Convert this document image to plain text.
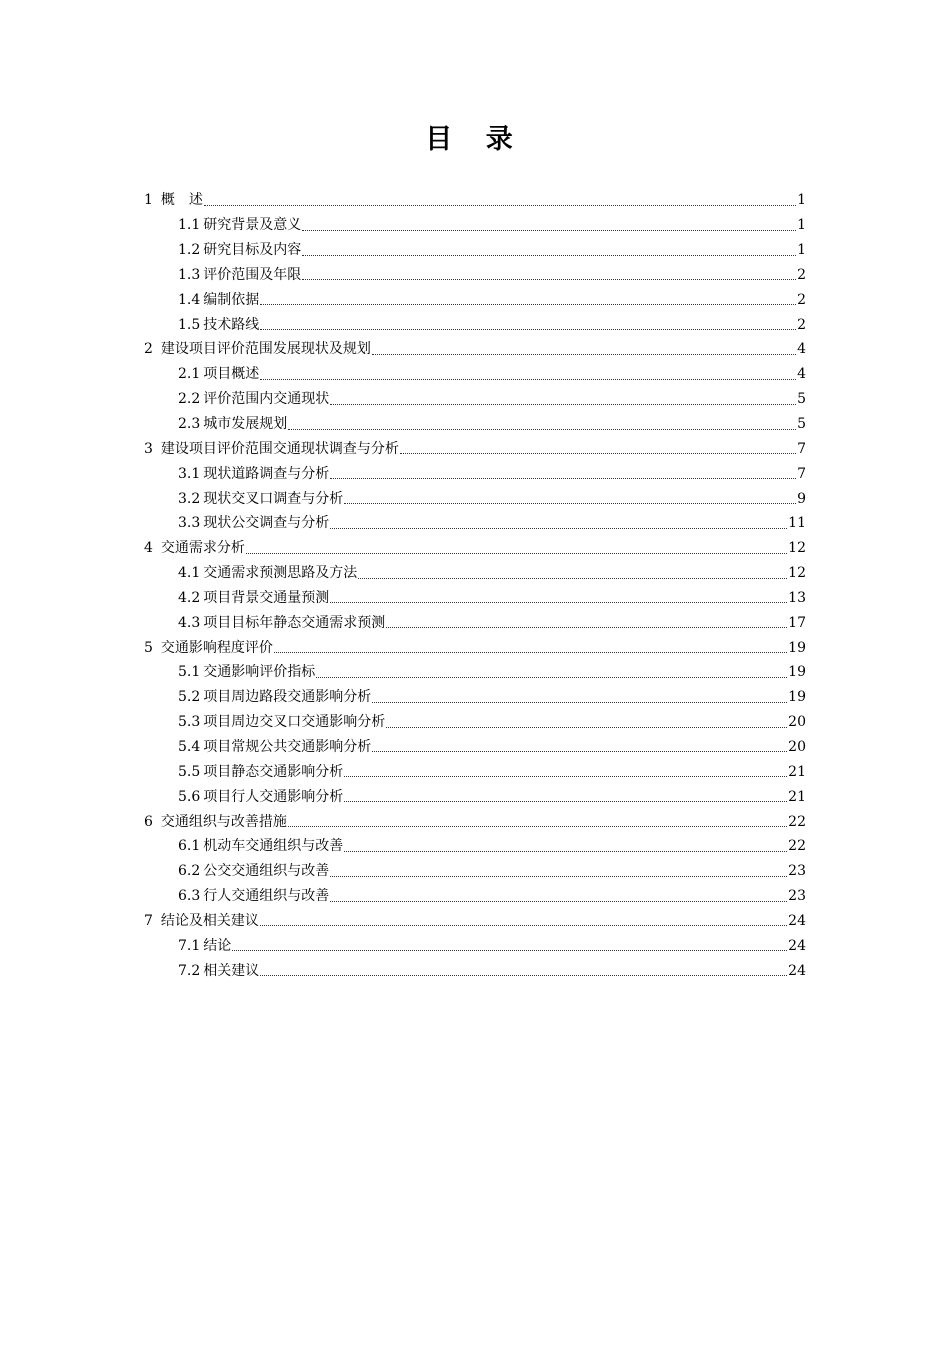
目 录
1 概　述	1
1.1 研究背景及意义	1
1.2 研究目标及内容	1
1.3 评价范围及年限	2
1.4 编制依据	2
1.5 技术路线	2
2 建设项目评价范围发展现状及规划	4
2.1 项目概述	4
2.2 评价范围内交通现状	5
2.3 城市发展规划	5
3 建设项目评价范围交通现状调查与分析	7
3.1 现状道路调查与分析	7
3.2 现状交叉口调查与分析	9
3.3 现状公交调查与分析	11
4 交通需求分析	12
4.1 交通需求预测思路及方法	12
4.2 项目背景交通量预测	13
4.3 项目目标年静态交通需求预测	17
5 交通影响程度评价	19
5.1 交通影响评价指标	19
5.2 项目周边路段交通影响分析	19
5.3 项目周边交叉口交通影响分析	20
5.4 项目常规公共交通影响分析	20
5.5 项目静态交通影响分析	21
5.6 项目行人交通影响分析	21
6 交通组织与改善措施	22
6.1 机动车交通组织与改善	22
6.2 公交交通组织与改善	23
6.3 行人交通组织与改善	23
7 结论及相关建议	24
7.1 结论	24
7.2 相关建议	24
